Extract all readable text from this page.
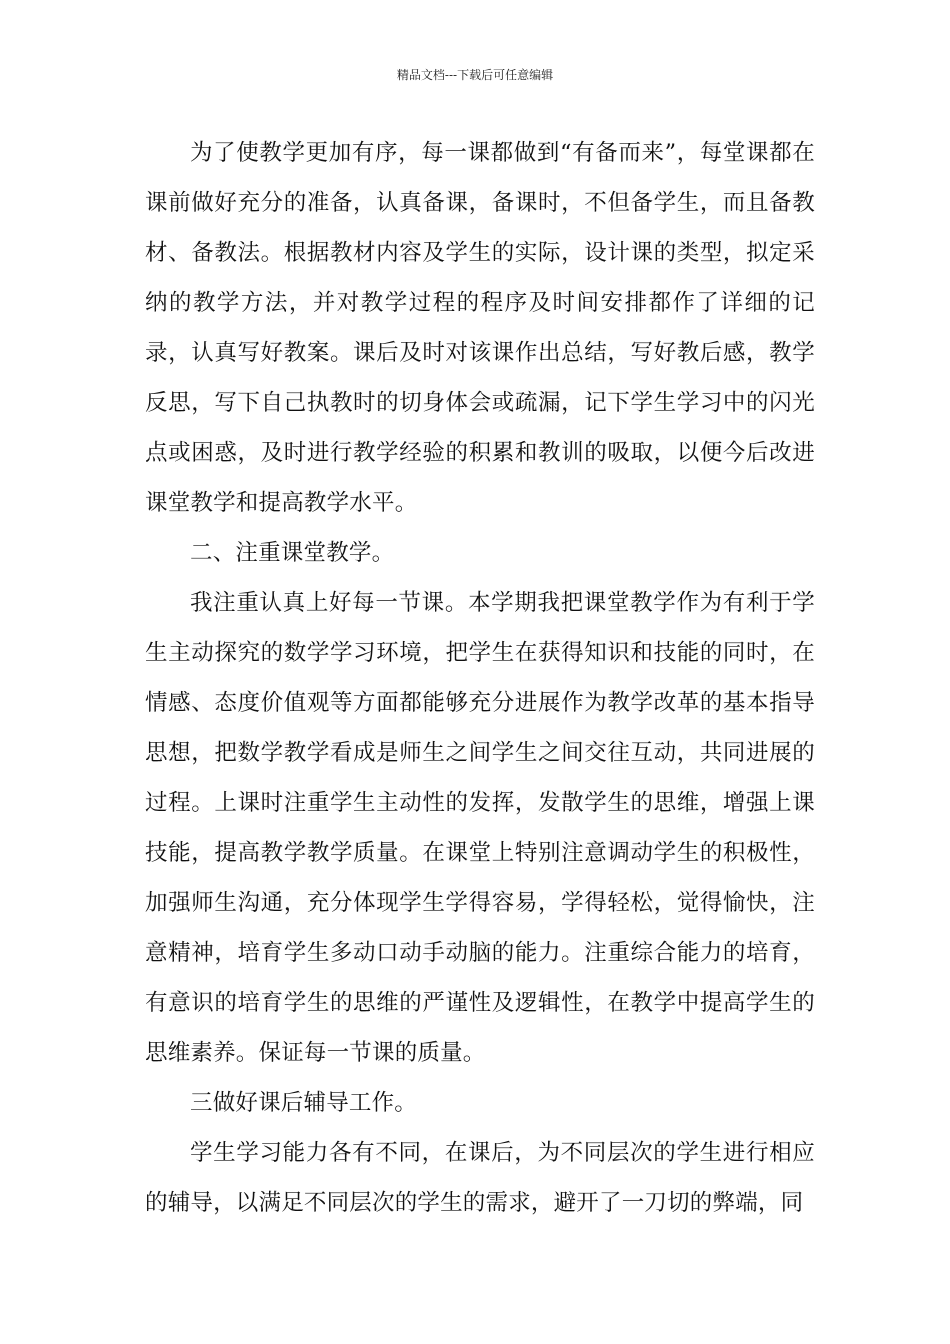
精品文档---下载后可任意编辑

为了使教学更加有序，每一课都做到“有备而来”，每堂课都在课前做好充分的准备，认真备课，备课时，不但备学生，而且备教材、备教法。根据教材内容及学生的实际，设计课的类型，拟定采纳的教学方法，并对教学过程的程序及时间安排都作了详细的记录，认真写好教案。课后及时对该课作出总结，写好教后感，教学反思，写下自己执教时的切身体会或疏漏，记下学生学习中的闪光点或困惑，及时进行教学经验的积累和教训的吸取，以便今后改进课堂教学和提高教学水平。

二、注重课堂教学。

我注重认真上好每一节课。本学期我把课堂教学作为有利于学生主动探究的数学学习环境，把学生在获得知识和技能的同时，在情感、态度价值观等方面都能够充分进展作为教学改革的基本指导思想，把数学教学看成是师生之间学生之间交往互动，共同进展的过程。上课时注重学生主动性的发挥，发散学生的思维，增强上课技能，提高教学教学质量。在课堂上特别注意调动学生的积极性，加强师生沟通，充分体现学生学得容易，学得轻松，觉得愉快，注意精神，培育学生多动口动手动脑的能力。注重综合能力的培育，有意识的培育学生的思维的严谨性及逻辑性，在教学中提高学生的思维素养。保证每一节课的质量。

三做好课后辅导工作。

学生学习能力各有不同，在课后，为不同层次的学生进行相应的辅导，以满足不同层次的学生的需求，避开了一刀切的弊端，同
